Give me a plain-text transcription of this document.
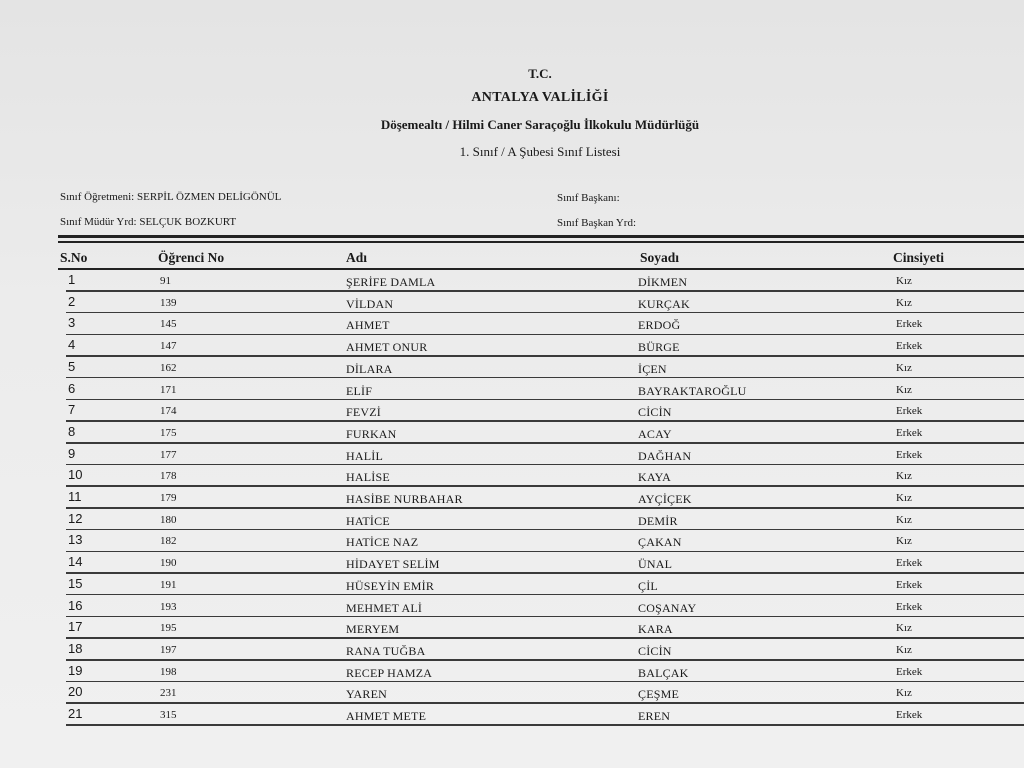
T.C.
ANTALYA VALİLİĞİ
Döşemealtı / Hilmi Caner Saraçoğlu İlkokulu Müdürlüğü
1. Sınıf / A Şubesi Sınıf Listesi
Sınıf Öğretmeni: SERPİL ÖZMEN DELİGÖNÜL
Sınıf Müdür Yrd: SELÇUK BOZKURT
Sınıf Başkanı:
Sınıf Başkan Yrd:
S.No	Öğrenci No	Adı	Soyadı	Cinsiyeti
1	91	ŞERİFE DAMLA	DİKMEN	Kız
2	139	VİLDAN	KURÇAK	Kız
3	145	AHMET	ERDOĞ	Erkek
4	147	AHMET ONUR	BÜRGE	Erkek
5	162	DİLARA	İÇEN	Kız
6	171	ELİF	BAYRAKTAROĞLU	Kız
7	174	FEVZİ	CİCİN	Erkek
8	175	FURKAN	ACAY	Erkek
9	177	HALİL	DAĞHAN	Erkek
10	178	HALİSE	KAYA	Kız
11	179	HASİBE NURBAHAR	AYÇİÇEK	Kız
12	180	HATİCE	DEMİR	Kız
13	182	HATİCE NAZ	ÇAKAN	Kız
14	190	HİDAYET SELİM	ÜNAL	Erkek
15	191	HÜSEYİN EMİR	ÇİL	Erkek
16	193	MEHMET ALİ	COŞANAY	Erkek
17	195	MERYEM	KARA	Kız
18	197	RANA TUĞBA	CİCİN	Kız
19	198	RECEP HAMZA	BALÇAK	Erkek
20	231	YAREN	ÇEŞME	Kız
21	315	AHMET METE	EREN	Erkek
